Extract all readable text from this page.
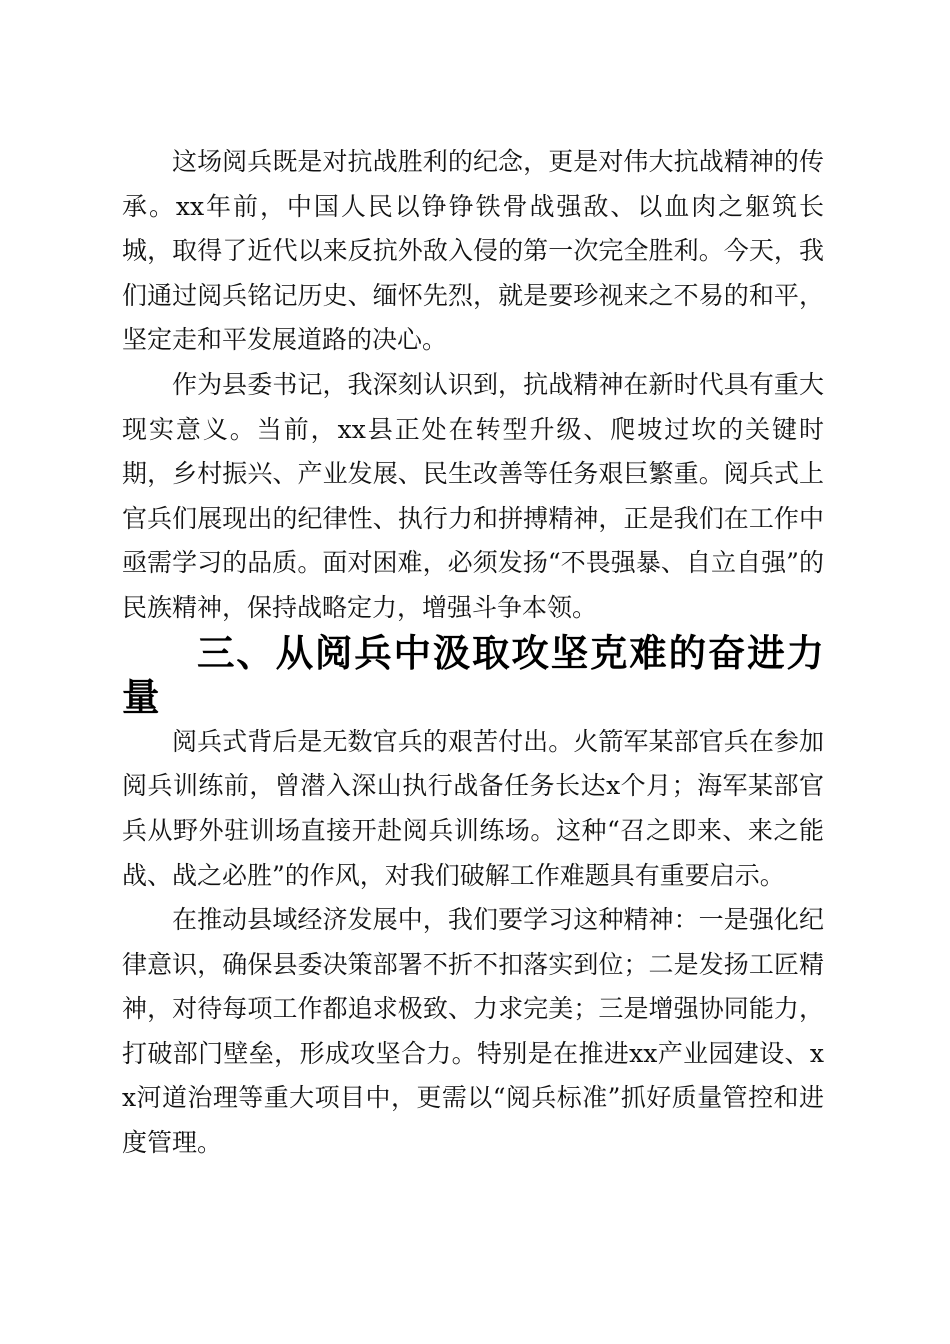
这场阅兵既是对抗战胜利的纪念，更是对伟大抗战精神的传承。xx年前，中国人民以铮铮铁骨战强敌、以血肉之躯筑长城，取得了近代以来反抗外敌入侵的第一次完全胜利。今天，我们通过阅兵铭记历史、缅怀先烈，就是要珍视来之不易的和平，坚定走和平发展道路的决心。

作为县委书记，我深刻认识到，抗战精神在新时代具有重大现实意义。当前，xx县正处在转型升级、爬坡过坎的关键时期，乡村振兴、产业发展、民生改善等任务艰巨繁重。阅兵式上官兵们展现出的纪律性、执行力和拼搏精神，正是我们在工作中亟需学习的品质。面对困难，必须发扬“不畏强暴、自立自强”的民族精神，保持战略定力，增强斗争本领。

三、从阅兵中汲取攻坚克难的奋进力量

阅兵式背后是无数官兵的艰苦付出。火箭军某部官兵在参加阅兵训练前，曾潜入深山执行战备任务长达x个月；海军某部官兵从野外驻训场直接开赴阅兵训练场。这种“召之即来、来之能战、战之必胜”的作风，对我们破解工作难题具有重要启示。

在推动县域经济发展中，我们要学习这种精神：一是强化纪律意识，确保县委决策部署不折不扣落实到位；二是发扬工匠精神，对待每项工作都追求极致、力求完美；三是增强协同能力，打破部门壁垒，形成攻坚合力。特别是在推进xx产业园建设、xx河道治理等重大项目中，更需以“阅兵标准”抓好质量管控和进度管理。
